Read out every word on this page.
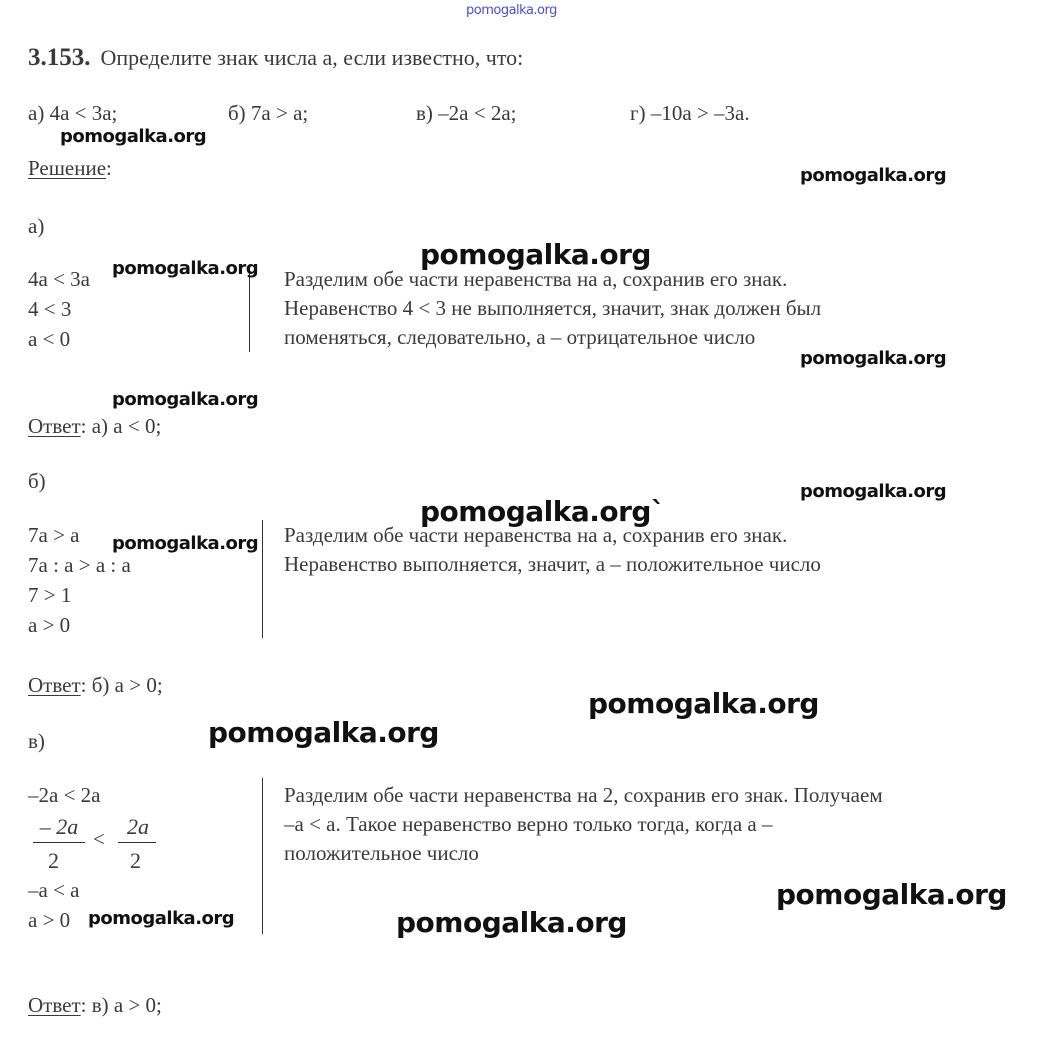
pomogalka.org
3.153. Определите знак числа а, если известно, что:
а) 4а < 3а;	б) 7а > а;	в) –2а < 2а;	г) –10а > –3а.
Решение:
а)
4а < 3а
4 < 3
а < 0
Разделим обе части неравенства на а, сохранив его знак.
Неравенство 4 < 3 не выполняется, значит, знак должен был
поменяться, следовательно, а – отрицательное число
Ответ: а) а < 0;
б)
7а > а
7а : а > а : а
7 > 1
а > 0
Разделим обе части неравенства на а, сохранив его знак.
Неравенство выполняется, значит, а – положительное число
Ответ: б) а > 0;
в)
–2а < 2а
– 2a
2
<	2a
2
–а < а
а > 0
Разделим обе части неравенства на 2, сохранив его знак. Получаем
–а < а. Такое неравенство верно только тогда, когда а –
положительное число
Ответ: в) а > 0;
pomogalka.org
pomogalka.org
pomogalka.org
pomogalka.org
pomogalka.org
pomogalka.org
pomogalka.org
pomogalka.org
pomogalka.org`
pomogalka.org
pomogalka.org
pomogalka.org
pomogalka.org	pomogalka.org
